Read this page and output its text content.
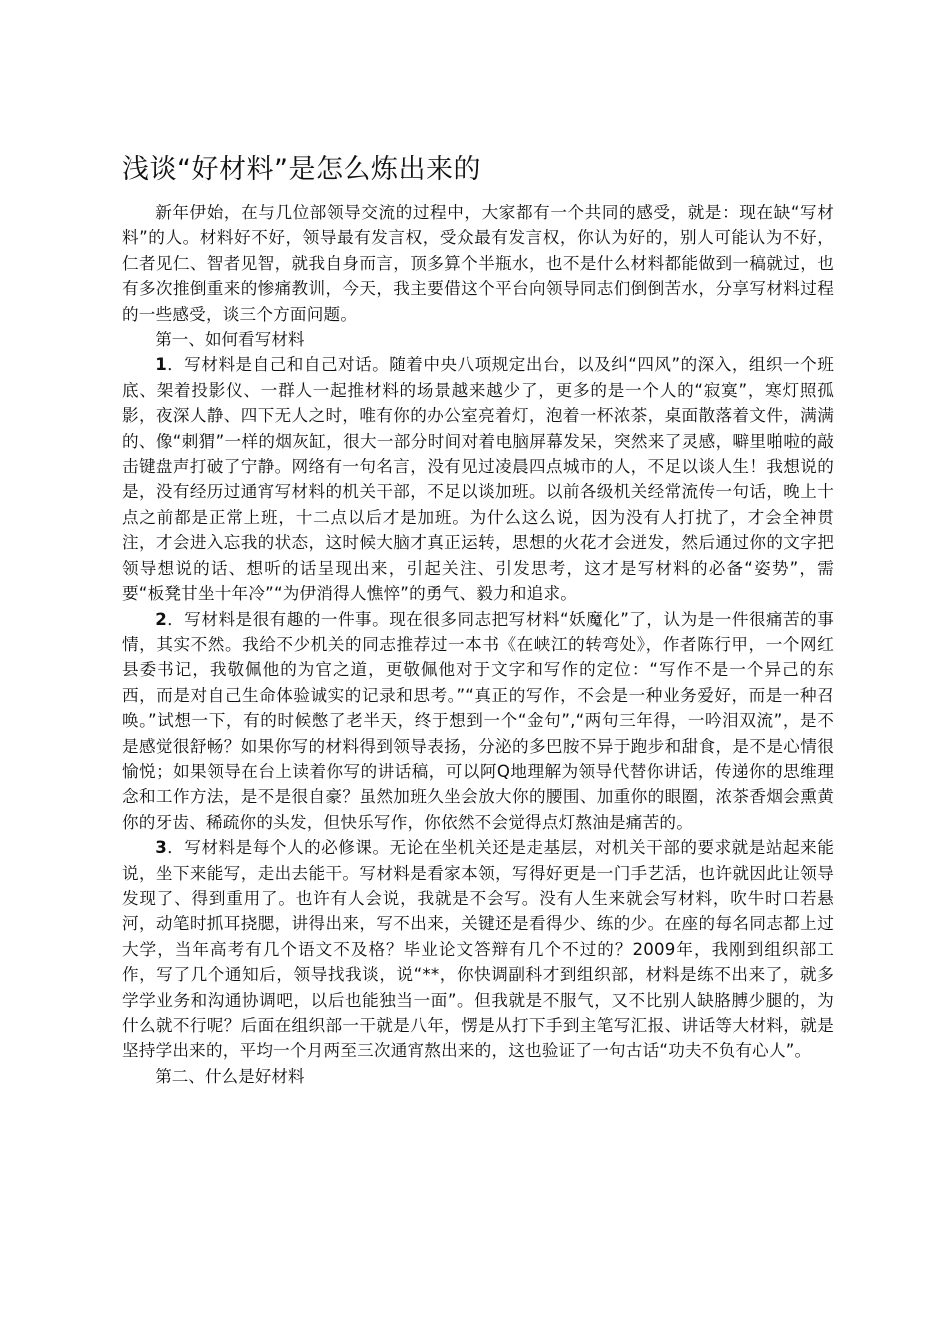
浅谈“好材料”是怎么炼出来的

新年伊始，在与几位部领导交流的过程中，大家都有一个共同的感受，就是：现在缺“写材料”的人。材料好不好，领导最有发言权，受众最有发言权，你认为好的，别人可能认为不好，仁者见仁、智者见智，就我自身而言，顶多算个半瓶水，也不是什么材料都能做到一稿就过，也有多次推倒重来的惨痛教训，今天，我主要借这个平台向领导同志们倒倒苦水，分享写材料过程的一些感受，谈三个方面问题。

第一、如何看写材料

1．写材料是自己和自己对话。随着中央八项规定出台，以及纠“四风”的深入，组织一个班底、架着投影仪、一群人一起推材料的场景越来越少了，更多的是一个人的“寂寞”，寒灯照孤影，夜深人静、四下无人之时，唯有你的办公室亮着灯，泡着一杯浓茶，桌面散落着文件，满满的、像“刺猬”一样的烟灰缸，很大一部分时间对着电脑屏幕发呆，突然来了灵感，噼里啪啦的敲击键盘声打破了宁静。网络有一句名言，没有见过凌晨四点城市的人，不足以谈人生！我想说的是，没有经历过通宵写材料的机关干部，不足以谈加班。以前各级机关经常流传一句话，晚上十点之前都是正常上班，十二点以后才是加班。为什么这么说，因为没有人打扰了，才会全神贯注，才会进入忘我的状态，这时候大脑才真正运转，思想的火花才会迸发，然后通过你的文字把领导想说的话、想听的话呈现出来，引起关注、引发思考，这才是写材料的必备“姿势”，需要“板凳甘坐十年冷”“为伊消得人憔悴”的勇气、毅力和追求。

2．写材料是很有趣的一件事。现在很多同志把写材料“妖魔化”了，认为是一件很痛苦的事情，其实不然。我给不少机关的同志推荐过一本书《在峡江的转弯处》，作者陈行甲，一个网红县委书记，我敬佩他的为官之道，更敬佩他对于文字和写作的定位：“写作不是一个异己的东西，而是对自己生命体验诚实的记录和思考。”“真正的写作，不会是一种业务爱好，而是一种召唤。”试想一下，有的时候憋了老半天，终于想到一个“金句”,“两句三年得，一吟泪双流”，是不是感觉很舒畅？如果你写的材料得到领导表扬，分泌的多巴胺不异于跑步和甜食，是不是心情很愉悦；如果领导在台上读着你写的讲话稿，可以阿Q地理解为领导代替你讲话，传递你的思维理念和工作方法，是不是很自豪？虽然加班久坐会放大你的腰围、加重你的眼圈，浓茶香烟会熏黄你的牙齿、稀疏你的头发，但快乐写作，你依然不会觉得点灯熬油是痛苦的。

3．写材料是每个人的必修课。无论在坐机关还是走基层，对机关干部的要求就是站起来能说，坐下来能写，走出去能干。写材料是看家本领，写得好更是一门手艺活，也许就因此让领导发现了、得到重用了。也许有人会说，我就是不会写。没有人生来就会写材料，吹牛时口若悬河，动笔时抓耳挠腮，讲得出来，写不出来，关键还是看得少、练的少。在座的每名同志都上过大学，当年高考有几个语文不及格？毕业论文答辩有几个不过的？2009年，我刚到组织部工作，写了几个通知后，领导找我谈，说“**，你快调副科才到组织部，材料是练不出来了，就多学学业务和沟通协调吧，以后也能独当一面”。但我就是不服气，又不比别人缺胳膊少腿的，为什么就不行呢？后面在组织部一干就是八年，愣是从打下手到主笔写汇报、讲话等大材料，就是坚持学出来的，平均一个月两至三次通宵熬出来的，这也验证了一句古话“功夫不负有心人”。

第二、什么是好材料
